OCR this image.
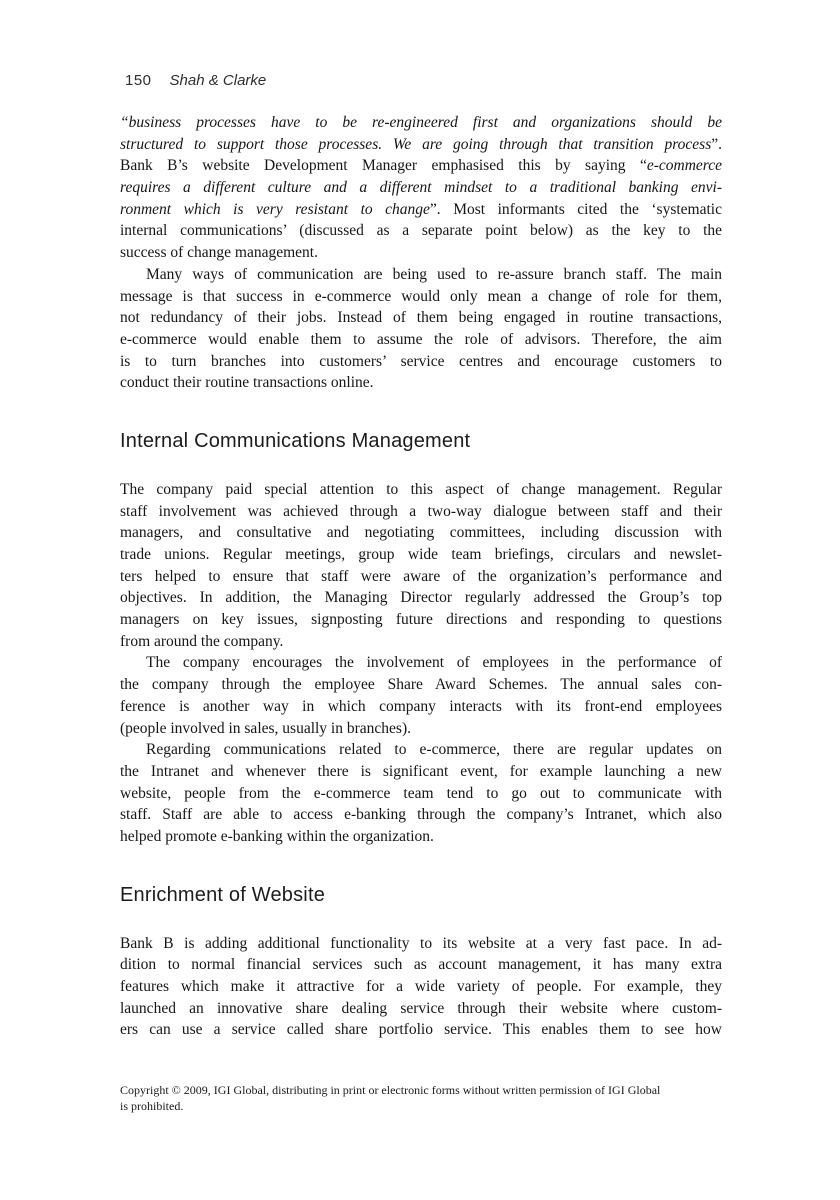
150 Shah & Clarke
“business processes have to be re-engineered first and organizations should be
structured to support those processes. We are going through that transition process”.
Bank B’s website Development Manager emphasised this by saying “e-commerce
requires a different culture and a different mindset to a traditional banking envi-
ronment which is very resistant to change”. Most informants cited the ‘systematic
internal communications’ (discussed as a separate point below) as the key to the
success of change management.
Many ways of communication are being used to re-assure branch staff. The main
message is that success in e-commerce would only mean a change of role for them,
not redundancy of their jobs. Instead of them being engaged in routine transactions,
e-commerce would enable them to assume the role of advisors. Therefore, the aim
is to turn branches into customers’ service centres and encourage customers to
conduct their routine transactions online.
Internal Communications Management
The company paid special attention to this aspect of change management. Regular
staff involvement was achieved through a two-way dialogue between staff and their
managers, and consultative and negotiating committees, including discussion with
trade unions. Regular meetings, group wide team briefings, circulars and newslet-
ters helped to ensure that staff were aware of the organization’s performance and
objectives. In addition, the Managing Director regularly addressed the Group’s top
managers on key issues, signposting future directions and responding to questions
from around the company.
The company encourages the involvement of employees in the performance of
the company through the employee Share Award Schemes. The annual sales con-
ference is another way in which company interacts with its front-end employees
(people involved in sales, usually in branches).
Regarding communications related to e-commerce, there are regular updates on
the Intranet and whenever there is significant event, for example launching a new
website, people from the e-commerce team tend to go out to communicate with
staff. Staff are able to access e-banking through the company’s Intranet, which also
helped promote e-banking within the organization.
Enrichment of Website
Bank B is adding additional functionality to its website at a very fast pace. In ad-
dition to normal financial services such as account management, it has many extra
features which make it attractive for a wide variety of people. For example, they
launched an innovative share dealing service through their website where custom-
ers can use a service called share portfolio service. This enables them to see how
Copyright © 2009, IGI Global, distributing in print or electronic forms without written permission of IGI Global
is prohibited.
